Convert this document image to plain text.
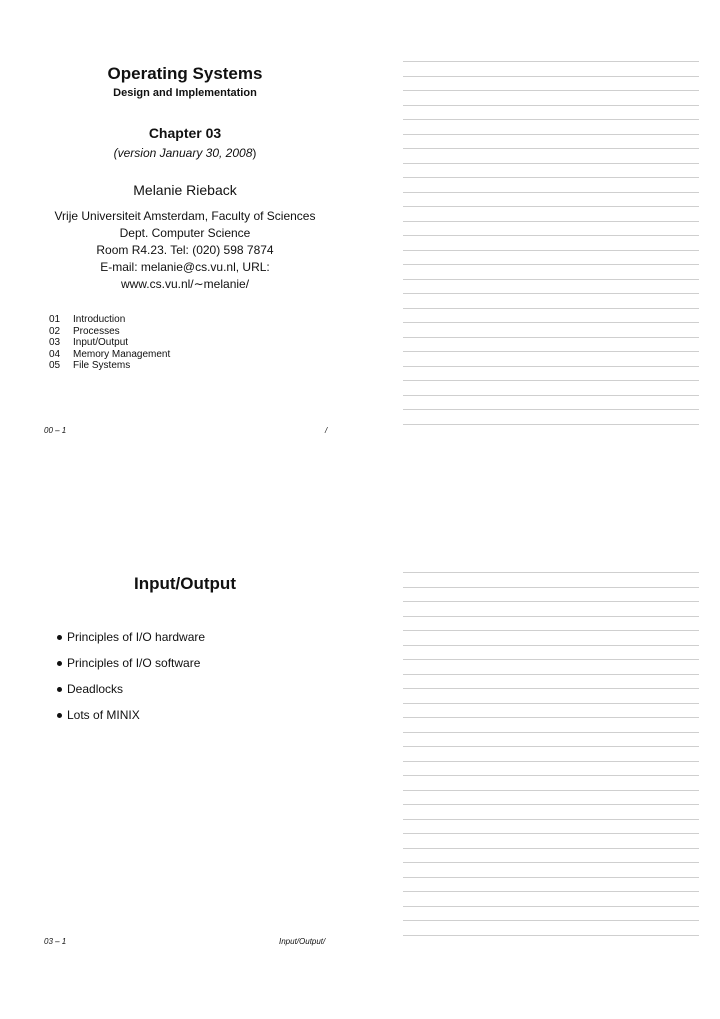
Operating Systems
Design and Implementation
Chapter 03
(version January 30, 2008)
Melanie Rieback
Vrije Universiteit Amsterdam, Faculty of Sciences
Dept. Computer Science
Room R4.23. Tel: (020) 598 7874
E-mail: melanie@cs.vu.nl, URL:
www.cs.vu.nl/∼melanie/
01	Introduction
02	Processes
03	Input/Output
04	Memory Management
05	File Systems
00 – 1	/
Input/Output
Principles of I/O hardware
Principles of I/O software
Deadlocks
Lots of MINIX
03 – 1	Input/Output/
